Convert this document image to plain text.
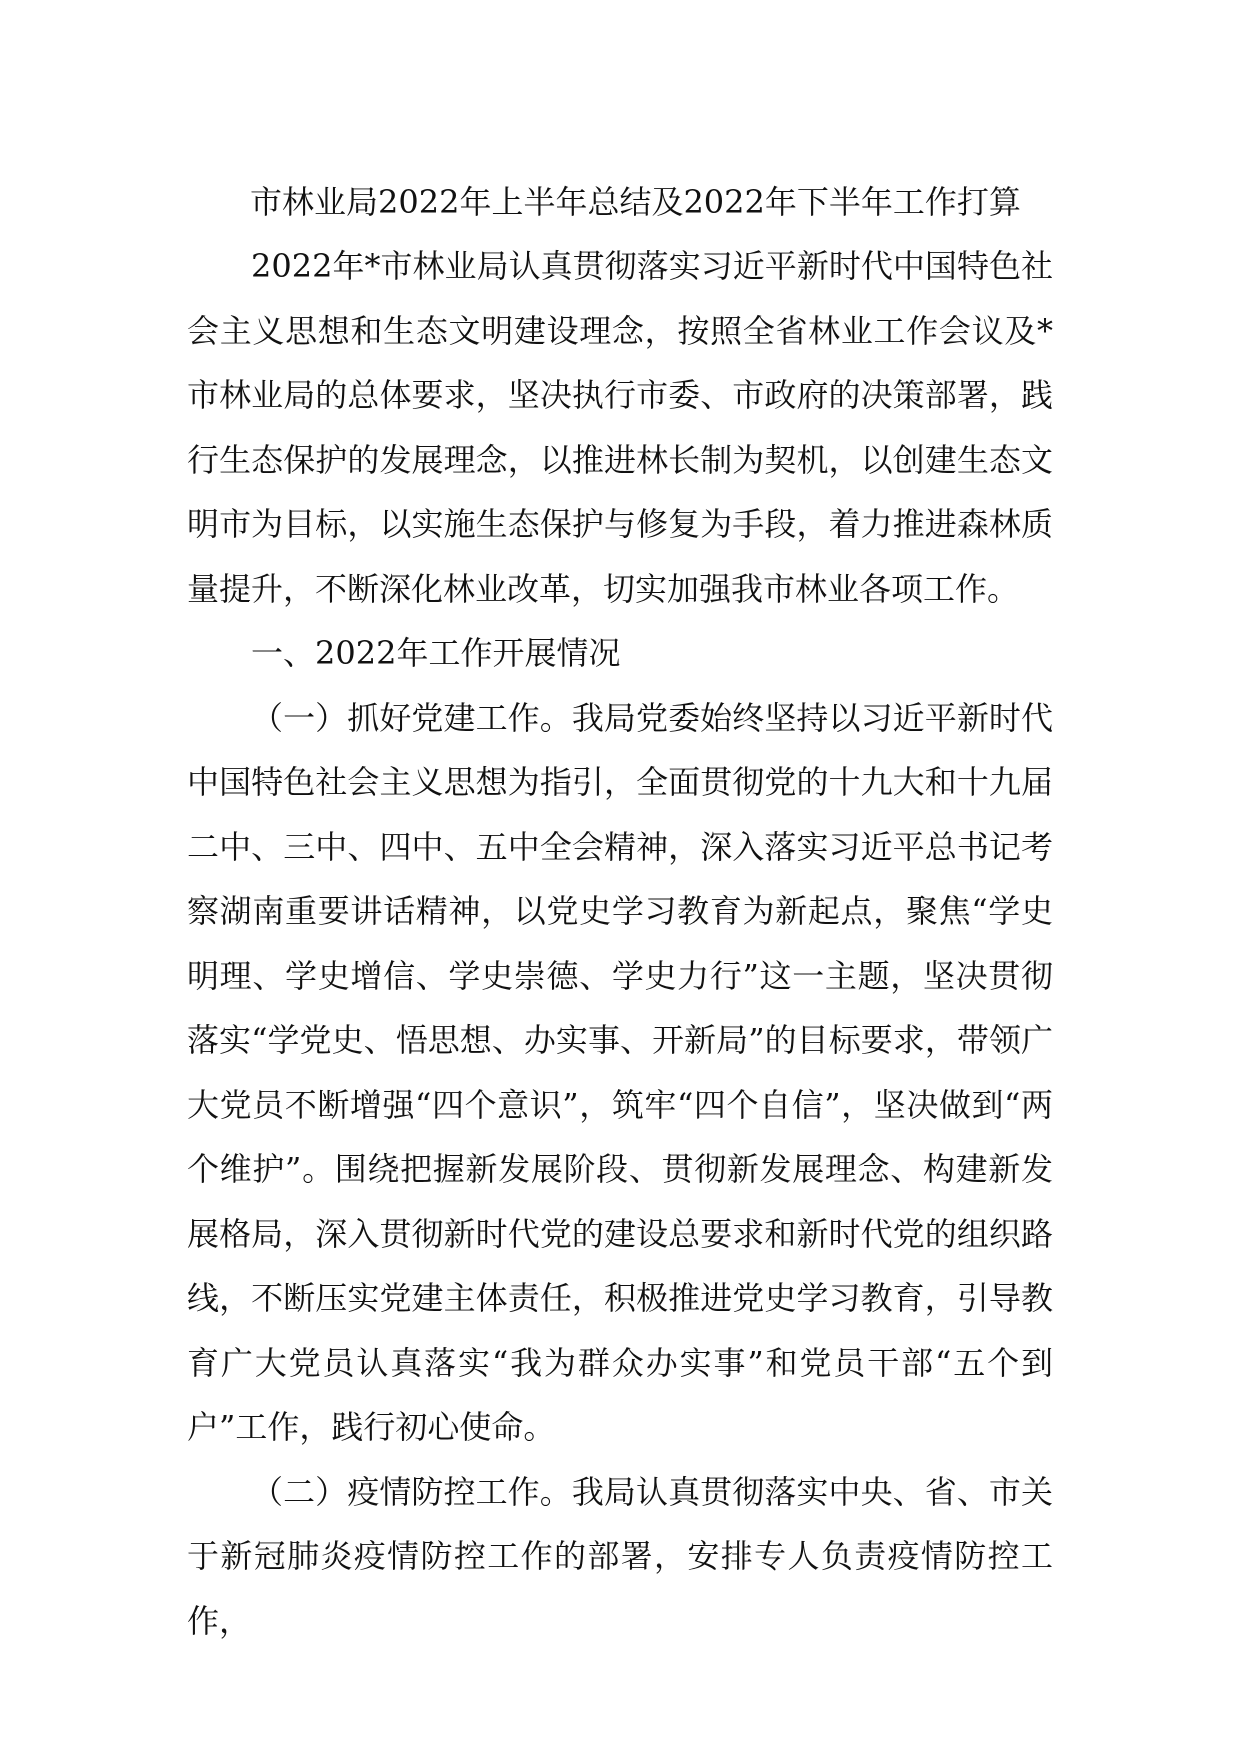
市林业局2022年上半年总结及2022年下半年工作打算

2022年*市林业局认真贯彻落实习近平新时代中国特色社会主义思想和生态文明建设理念，按照全省林业工作会议及*市林业局的总体要求，坚决执行市委、市政府的决策部署，践行生态保护的发展理念，以推进林长制为契机，以创建生态文明市为目标，以实施生态保护与修复为手段，着力推进森林质量提升，不断深化林业改革，切实加强我市林业各项工作。

一、2022年工作开展情况

（一）抓好党建工作。我局党委始终坚持以习近平新时代中国特色社会主义思想为指引，全面贯彻党的十九大和十九届二中、三中、四中、五中全会精神，深入落实习近平总书记考察湖南重要讲话精神，以党史学习教育为新起点，聚焦“学史明理、学史增信、学史崇德、学史力行”这一主题，坚决贯彻落实“学党史、悟思想、办实事、开新局”的目标要求，带领广大党员不断增强“四个意识”，筑牢“四个自信”，坚决做到“两个维护”。围绕把握新发展阶段、贯彻新发展理念、构建新发展格局，深入贯彻新时代党的建设总要求和新时代党的组织路线，不断压实党建主体责任，积极推进党史学习教育，引导教育广大党员认真落实“我为群众办实事”和党员干部“五个到户”工作，践行初心使命。

（二）疫情防控工作。我局认真贯彻落实中央、省、市关于新冠肺炎疫情防控工作的部署，安排专人负责疫情防控工作，
